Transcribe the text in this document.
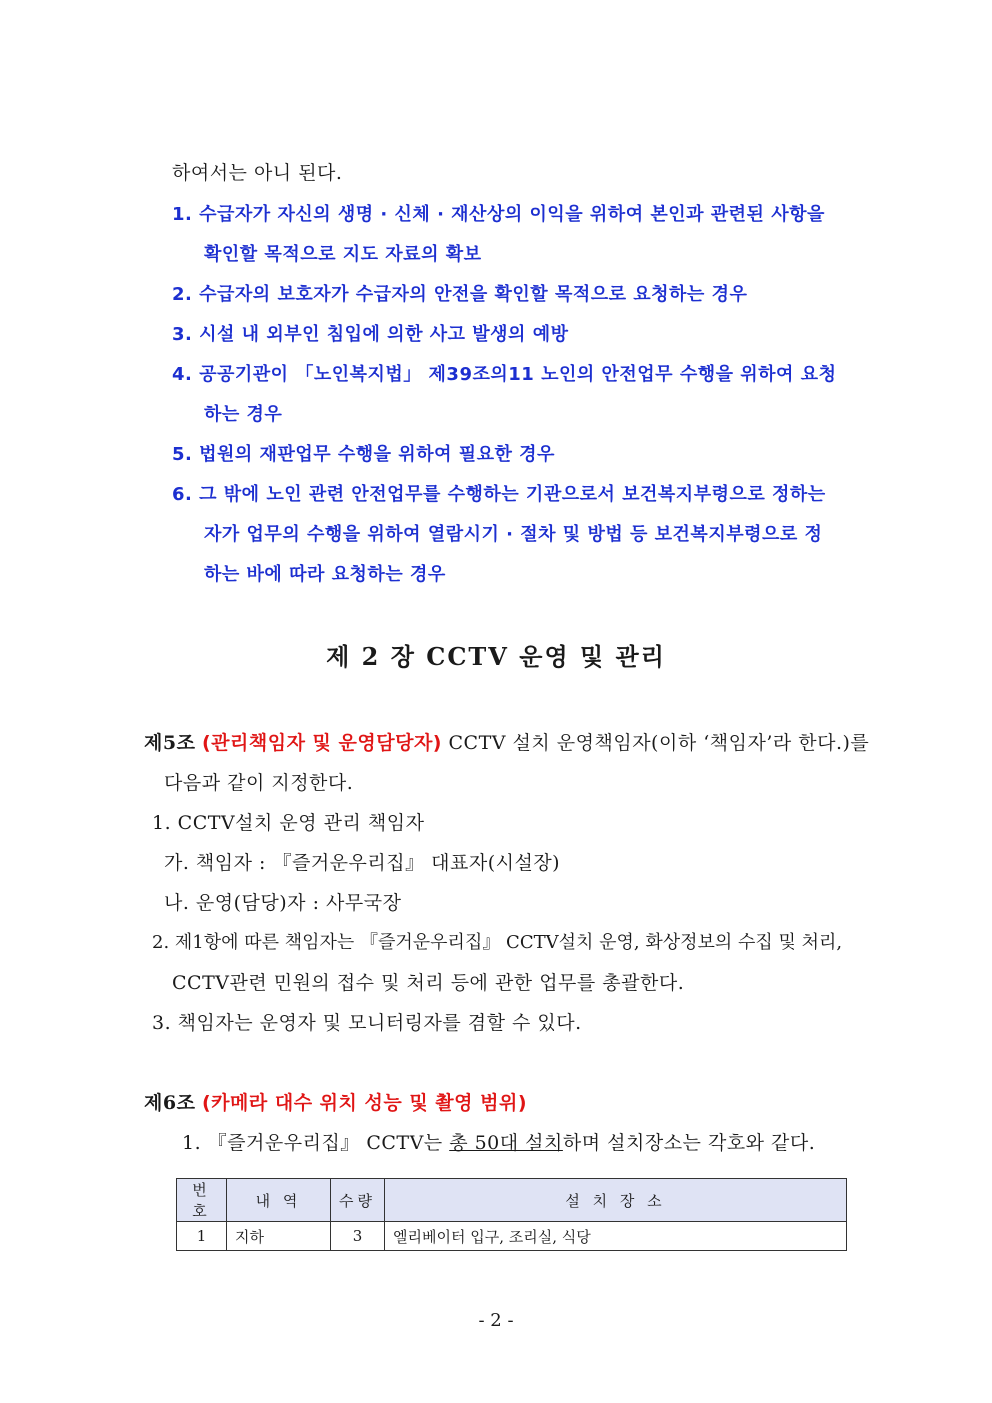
하여서는 아니 된다.
1. 수급자가 자신의 생명 · 신체 · 재산상의 이익을 위하여 본인과 관련된 사항을
확인할 목적으로 지도 자료의 확보
2. 수급자의 보호자가 수급자의 안전을 확인할 목적으로 요청하는 경우
3. 시설 내 외부인 침입에 의한 사고 발생의 예방
4. 공공기관이 「노인복지법」 제39조의11 노인의 안전업무 수행을 위하여 요청
하는 경우
5. 법원의 재판업무 수행을 위하여 필요한 경우
6. 그 밖에 노인 관련 안전업무를 수행하는 기관으로서 보건복지부령으로 정하는
자가 업무의 수행을 위하여 열람시기 · 절차 및 방법 등 보건복지부령으로 정
하는 바에 따라 요청하는 경우
제 2 장 CCTV 운영 및 관리
제5조 (관리책임자 및 운영담당자) CCTV 설치 운영책임자(이하 ‘책임자’라 한다.)를
다음과 같이 지정한다.
1. CCTV설치 운영 관리 책임자
가. 책임자 : 『즐거운우리집』 대표자(시설장)
나. 운영(담당)자 : 사무국장
2. 제1항에 따른 책임자는 『즐거운우리집』 CCTV설치 운영, 화상정보의 수집 및 처리,
CCTV관련 민원의 접수 및 처리 등에 관한 업무를 총괄한다.
3. 책임자는 운영자 및 모니터링자를 겸할 수 있다.
제6조 (카메라 대수 위치 성능 및 촬영 범위)
1. 『즐거운우리집』 CCTV는 총 50대 설치하며 설치장소는 각호와 같다.
번호	내 역	수량	설 치 장 소
1	지하	3	엘리베이터 입구, 조리실, 식당
- 2 -
